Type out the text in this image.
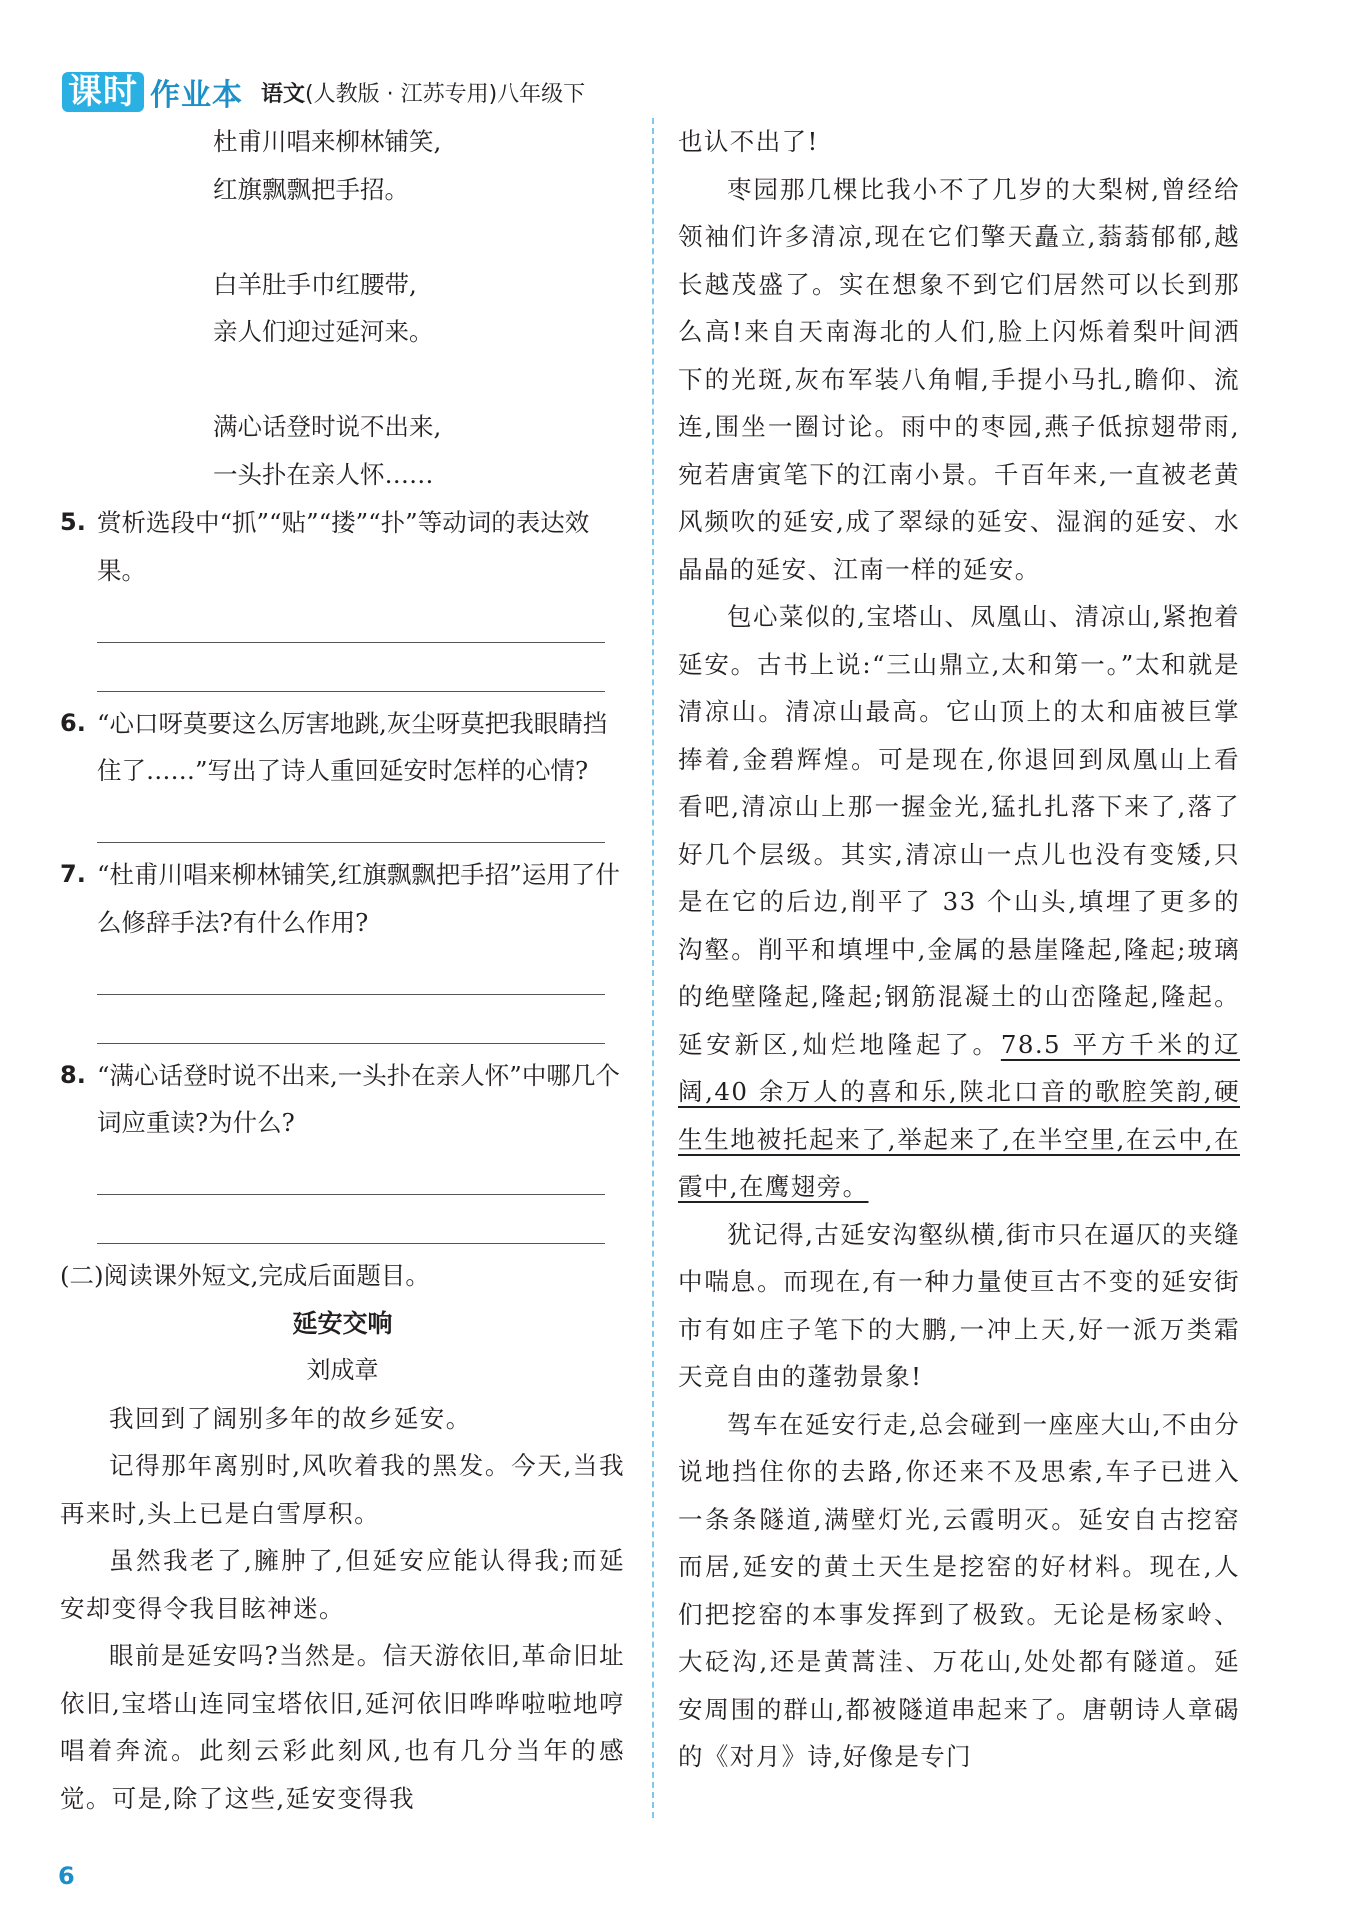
课时 作业本 语文(人教版 · 江苏专用)八年级下
杜甫川唱来柳林铺笑,
红旗飘飘把手招。
白羊肚手巾红腰带,
亲人们迎过延河来。
满心话登时说不出来,
一头扑在亲人怀……
5. 赏析选段中“抓”“贴”“搂”“扑”等动词的表达效果。
6. “心口呀莫要这么厉害地跳,灰尘呀莫把我眼睛挡住了……”写出了诗人重回延安时怎样的心情?
7. “杜甫川唱来柳林铺笑,红旗飘飘把手招”运用了什么修辞手法?有什么作用?
8. “满心话登时说不出来,一头扑在亲人怀”中哪几个词应重读?为什么?
(二)阅读课外短文,完成后面题目。
延安交响
刘成章
我回到了阔别多年的故乡延安。
记得那年离别时,风吹着我的黑发。今天,当我再来时,头上已是白雪厚积。
虽然我老了,臃肿了,但延安应能认得我;而延安却变得令我目眩神迷。
眼前是延安吗?当然是。信天游依旧,革命旧址依旧,宝塔山连同宝塔依旧,延河依旧哗哗啦啦地哼唱着奔流。此刻云彩此刻风,也有几分当年的感觉。可是,除了这些,延安变得我
也认不出了!
枣园那几棵比我小不了几岁的大梨树,曾经给领袖们许多清凉,现在它们擎天矗立,蓊蓊郁郁,越长越茂盛了。实在想象不到它们居然可以长到那么高!来自天南海北的人们,脸上闪烁着梨叶间洒下的光斑,灰布军装八角帽,手提小马扎,瞻仰、流连,围坐一圈讨论。雨中的枣园,燕子低掠翅带雨,宛若唐寅笔下的江南小景。千百年来,一直被老黄风频吹的延安,成了翠绿的延安、湿润的延安、水晶晶的延安、江南一样的延安。
包心菜似的,宝塔山、凤凰山、清凉山,紧抱着延安。古书上说:“三山鼎立,太和第一。”太和就是清凉山。清凉山最高。它山顶上的太和庙被巨掌捧着,金碧辉煌。可是现在,你退回到凤凰山上看看吧,清凉山上那一握金光,猛扎扎落下来了,落了好几个层级。其实,清凉山一点儿也没有变矮,只是在它的后边,削平了 33 个山头,填埋了更多的沟壑。削平和填埋中,金属的悬崖隆起,隆起;玻璃的绝壁隆起,隆起;钢筋混凝土的山峦隆起,隆起。延安新区,灿烂地隆起了。78.5 平方千米的辽阔,40 余万人的喜和乐,陕北口音的歌腔笑韵,硬生生地被托起来了,举起来了,在半空里,在云中,在霞中,在鹰翅旁。
犹记得,古延安沟壑纵横,街市只在逼仄的夹缝中喘息。而现在,有一种力量使亘古不变的延安街市有如庄子笔下的大鹏,一冲上天,好一派万类霜天竞自由的蓬勃景象!
驾车在延安行走,总会碰到一座座大山,不由分说地挡住你的去路,你还来不及思索,车子已进入一条条隧道,满壁灯光,云霞明灭。延安自古挖窑而居,延安的黄土天生是挖窑的好材料。现在,人们把挖窑的本事发挥到了极致。无论是杨家岭、大砭沟,还是黄蒿洼、万花山,处处都有隧道。延安周围的群山,都被隧道串起来了。唐朝诗人章碣的《对月》诗,好像是专门
6
